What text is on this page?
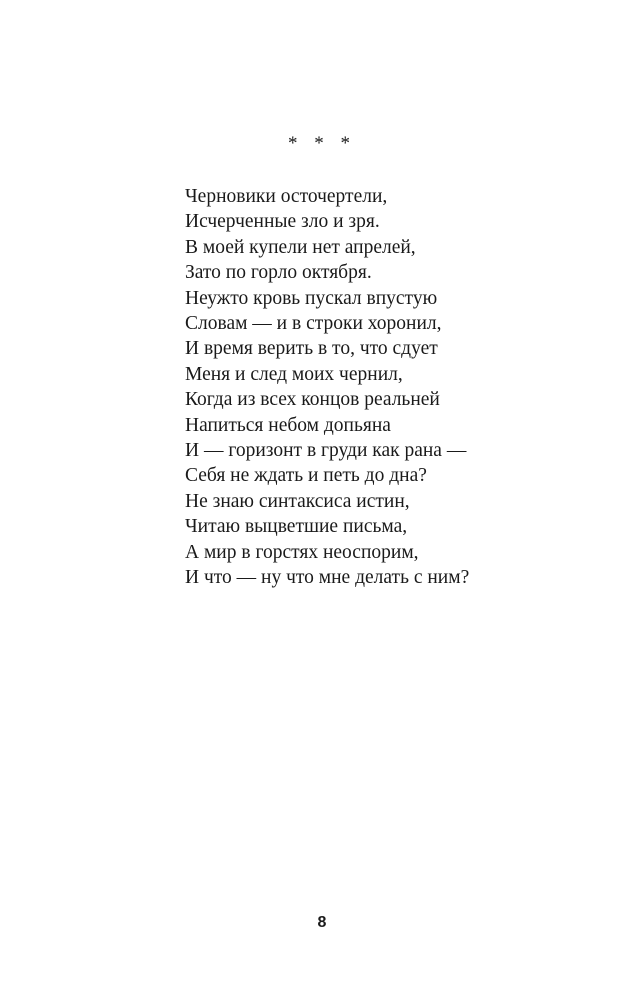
* * *
Черновики осточертели,
Исчерченные зло и зря.
В моей купели нет апрелей,
Зато по горло октября.
Неужто кровь пускал впустую
Словам — и в строки хоронил,
И время верить в то, что сдует
Меня и след моих чернил,
Когда из всех концов реальней
Напиться небом допьяна
И — горизонт в груди как рана —
Себя не ждать и петь до дна?
Не знаю синтаксиса истин,
Читаю выцветшие письма,
А мир в горстях неоспорим,
И что — ну что мне делать с ним?
8
